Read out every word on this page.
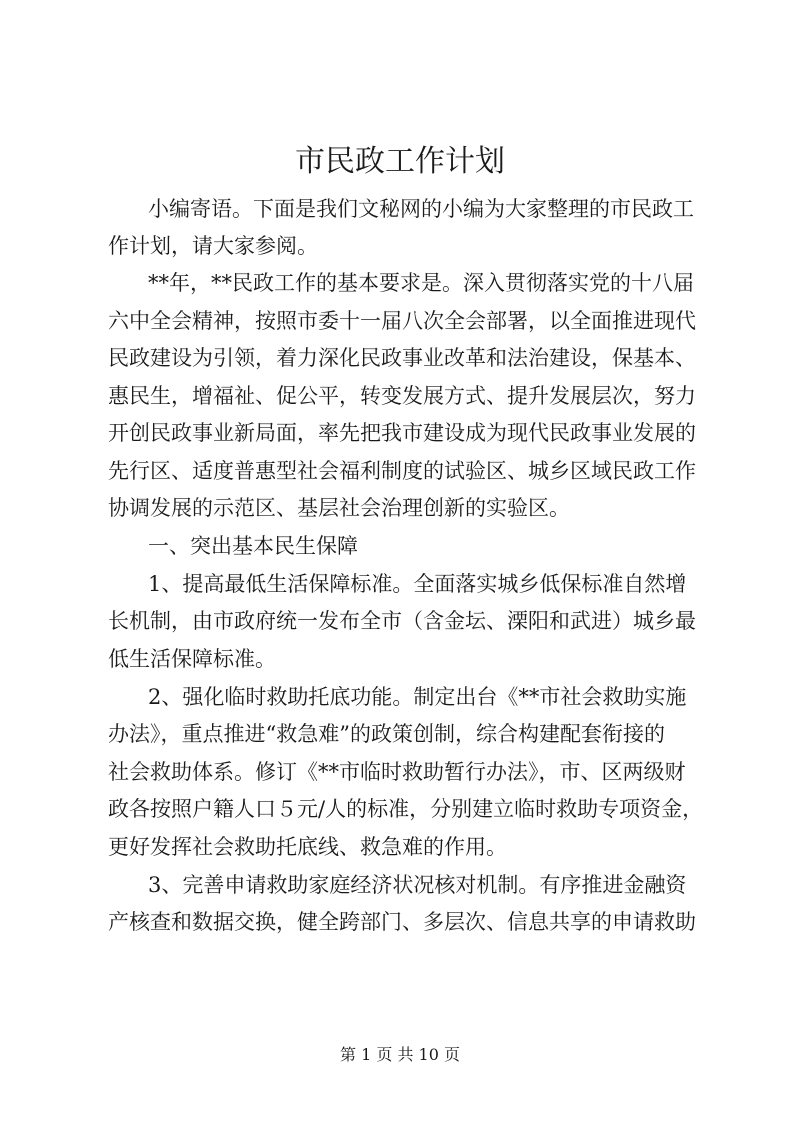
市民政工作计划
小编寄语。下面是我们文秘网的小编为大家整理的市民政工
作计划，请大家参阅。
**年，**民政工作的基本要求是。深入贯彻落实党的十八届
六中全会精神，按照市委十一届八次全会部署，以全面推进现代
民政建设为引领，着力深化民政事业改革和法治建设，保基本、
惠民生，增福祉、促公平，转变发展方式、提升发展层次，努力
开创民政事业新局面，率先把我市建设成为现代民政事业发展的
先行区、适度普惠型社会福利制度的试验区、城乡区域民政工作
协调发展的示范区、基层社会治理创新的实验区。
一、突出基本民生保障
1、提高最低生活保障标准。全面落实城乡低保标准自然增
长机制，由市政府统一发布全市（含金坛、溧阳和武进）城乡最
低生活保障标准。
2、强化临时救助托底功能。制定出台《**市社会救助实施
办法》，重点推进“救急难”的政策创制，综合构建配套衔接的
社会救助体系。修订《**市临时救助暂行办法》，市、区两级财
政各按照户籍人口５元/人的标准，分别建立临时救助专项资金，
更好发挥社会救助托底线、救急难的作用。
3、完善申请救助家庭经济状况核对机制。有序推进金融资
产核查和数据交换，健全跨部门、多层次、信息共享的申请救助
第 1 页 共 10 页
